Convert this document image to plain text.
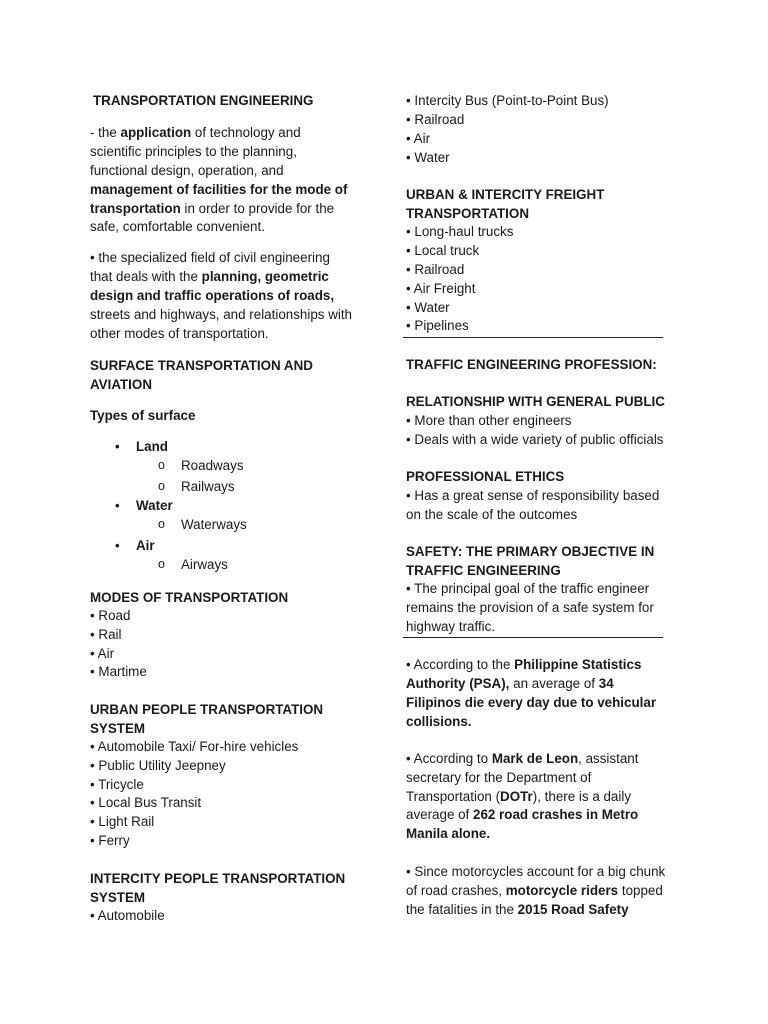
TRANSPORTATION ENGINEERING
- the application of technology and
scientific principles to the planning,
functional design, operation, and
management of facilities for the mode of
transportation in order to provide for the
safe, comfortable convenient.
• the specialized field of civil engineering
that deals with the planning, geometric
design and traffic operations of roads,
streets and highways, and relationships with
other modes of transportation.
SURFACE TRANSPORTATION AND
AVIATION
Types of surface
• Land
o Roadways
o Railways
• Water
o Waterways
• Air
o Airways
MODES OF TRANSPORTATION
• Road
• Rail
• Air
• Martime
URBAN PEOPLE TRANSPORTATION
SYSTEM
• Automobile Taxi/ For-hire vehicles
• Public Utility Jeepney
• Tricycle
• Local Bus Transit
• Light Rail
• Ferry
INTERCITY PEOPLE TRANSPORTATION
SYSTEM
• Automobile
• Intercity Bus (Point-to-Point Bus)
• Railroad
• Air
• Water
URBAN & INTERCITY FREIGHT
TRANSPORTATION
• Long-haul trucks
• Local truck
• Railroad
• Air Freight
• Water
• Pipelines
TRAFFIC ENGINEERING PROFESSION:
RELATIONSHIP WITH GENERAL PUBLIC
• More than other engineers
• Deals with a wide variety of public officials
PROFESSIONAL ETHICS
• Has a great sense of responsibility based
on the scale of the outcomes
SAFETY: THE PRIMARY OBJECTIVE IN
TRAFFIC ENGINEERING
• The principal goal of the traffic engineer
remains the provision of a safe system for
highway traffic.
• According to the Philippine Statistics
Authority (PSA), an average of 34
Filipinos die every day due to vehicular
collisions.
• According to Mark de Leon, assistant
secretary for the Department of
Transportation (DOTr), there is a daily
average of 262 road crashes in Metro
Manila alone.
• Since motorcycles account for a big chunk
of road crashes, motorcycle riders topped
the fatalities in the 2015 Road Safety
